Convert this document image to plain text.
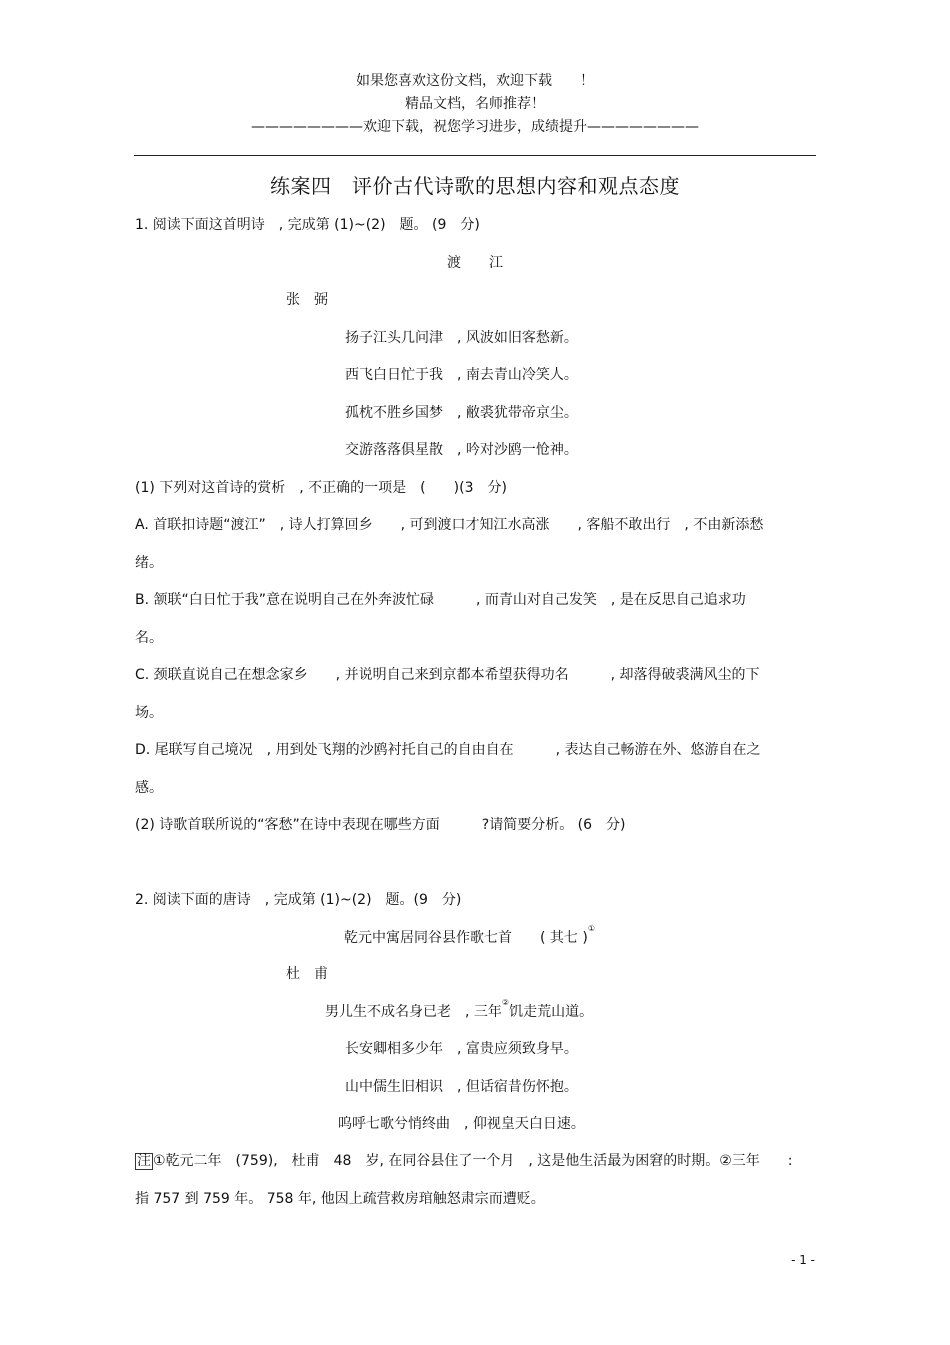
如果您喜欢这份文档，欢迎下载　　！
精品文档，名师推荐！
————————欢迎下载，祝您学习进步，成绩提升————————
练案四　评价古代诗歌的思想内容和观点态度
1. 阅读下面这首明诗　, 完成第 (1)~(2)　题。 (9　分)
渡　　江
张　弼
扬子江头几问津　, 风波如旧客愁新。
西飞白日忙于我　, 南去青山冷笑人。
孤枕不胜乡国梦　, 敝裘犹带帝京尘。
交游落落俱星散　, 吟对沙鸥一怆神。
(1) 下列对这首诗的赏析　, 不正确的一项是　(　　)(3　分)
A. 首联扣诗题“渡江”　, 诗人打算回乡　　, 可到渡口才知江水高涨　　, 客船不敢出行　, 不由新添愁
绪。
B. 颔联“白日忙于我”意在说明自己在外奔波忙碌　　　, 而青山对自己发笑　, 是在反思自己追求功
名。
C. 颈联直说自己在想念家乡　　, 并说明自己来到京都本希望获得功名　　　, 却落得破裘满风尘的下
场。
D. 尾联写自己境况　, 用到处飞翔的沙鸥衬托自己的自由自在　　　, 表达自己畅游在外、悠游自在之
感。
(2) 诗歌首联所说的“客愁”在诗中表现在哪些方面　　　?请简要分析。 (6　分)
2. 阅读下面的唐诗　, 完成第 (1)~(2)　题。(9　分)
乾元中寓居同谷县作歌七首　　( 其七 )①
杜　甫
男儿生不成名身已老　, 三年②饥走荒山道。
长安卿相多少年　, 富贵应须致身早。
山中儒生旧相识　, 但话宿昔伤怀抱。
呜呼七歌兮悄终曲　, 仰视皇天白日速。
注 ①乾元二年　(759),　杜甫　48　岁, 在同谷县住了一个月　, 这是他生活最为困窘的时期。②三年　　:
指 757 到 759 年。 758 年, 他因上疏营救房琯触怒肃宗而遭贬。
- 1 -
